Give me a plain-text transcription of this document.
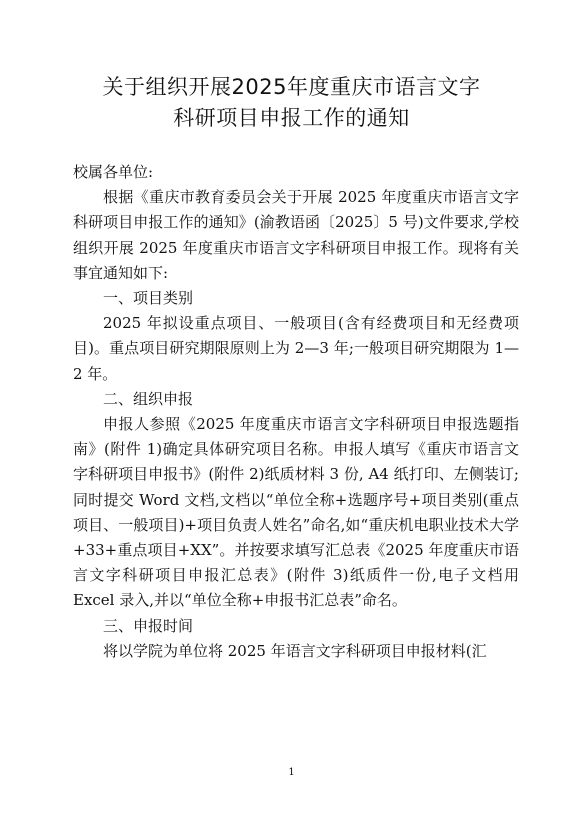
关于组织开展2025年度重庆市语言文字
科研项目申报工作的通知

校属各单位:

根据《重庆市教育委员会关于开展 2025 年度重庆市语言文字科研项目申报工作的通知》(渝教语函〔2025〕5 号)文件要求,学校组织开展 2025 年度重庆市语言文字科研项目申报工作。现将有关事宜通知如下:

一、项目类别

2025 年拟设重点项目、一般项目(含有经费项目和无经费项目)。重点项目研究期限原则上为 2—3 年;一般项目研究期限为 1—2 年。

二、组织申报

申报人参照《2025 年度重庆市语言文字科研项目申报选题指南》(附件 1)确定具体研究项目名称。申报人填写《重庆市语言文字科研项目申报书》(附件 2)纸质材料 3 份, A4 纸打印、左侧装订;同时提交 Word 文档,文档以“单位全称+选题序号+项目类别(重点项目、一般项目)+项目负责人姓名”命名,如“重庆机电职业技术大学+33+重点项目+XX”。并按要求填写汇总表《2025 年度重庆市语言文字科研项目申报汇总表》(附件 3)纸质件一份,电子文档用 Excel 录入,并以“单位全称+申报书汇总表”命名。

三、申报时间

将以学院为单位将 2025 年语言文字科研项目申报材料(汇

1
